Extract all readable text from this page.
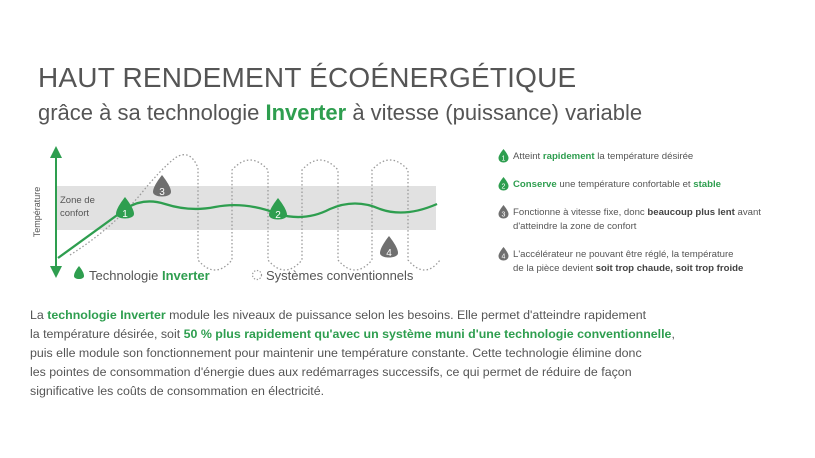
HAUT RENDEMENT ÉCOÉNERGÉTIQUE
grâce à sa technologie Inverter à vitesse (puissance) variable
Température Zone de
confort	1	2
3
4
Technologie Inverter	Systèmes conventionnels
1 Atteint rapidement la température désirée
2 Conserve une température confortable et stable
3 Fonctionne à vitesse fixe, donc beaucoup plus lent avant
d'atteindre la zone de confort
4 L'accélérateur ne pouvant être réglé, la température
de la pièce devient soit trop chaude, soit trop froide
La technologie Inverter module les niveaux de puissance selon les besoins. Elle permet d'atteindre rapidement
la température désirée, soit 50 % plus rapidement qu'avec un système muni d'une technologie conventionnelle,
puis elle module son fonctionnement pour maintenir une température constante. Cette technologie élimine donc
les pointes de consommation d'énergie dues aux redémarrages successifs, ce qui permet de réduire de façon
significative les coûts de consommation en électricité.
